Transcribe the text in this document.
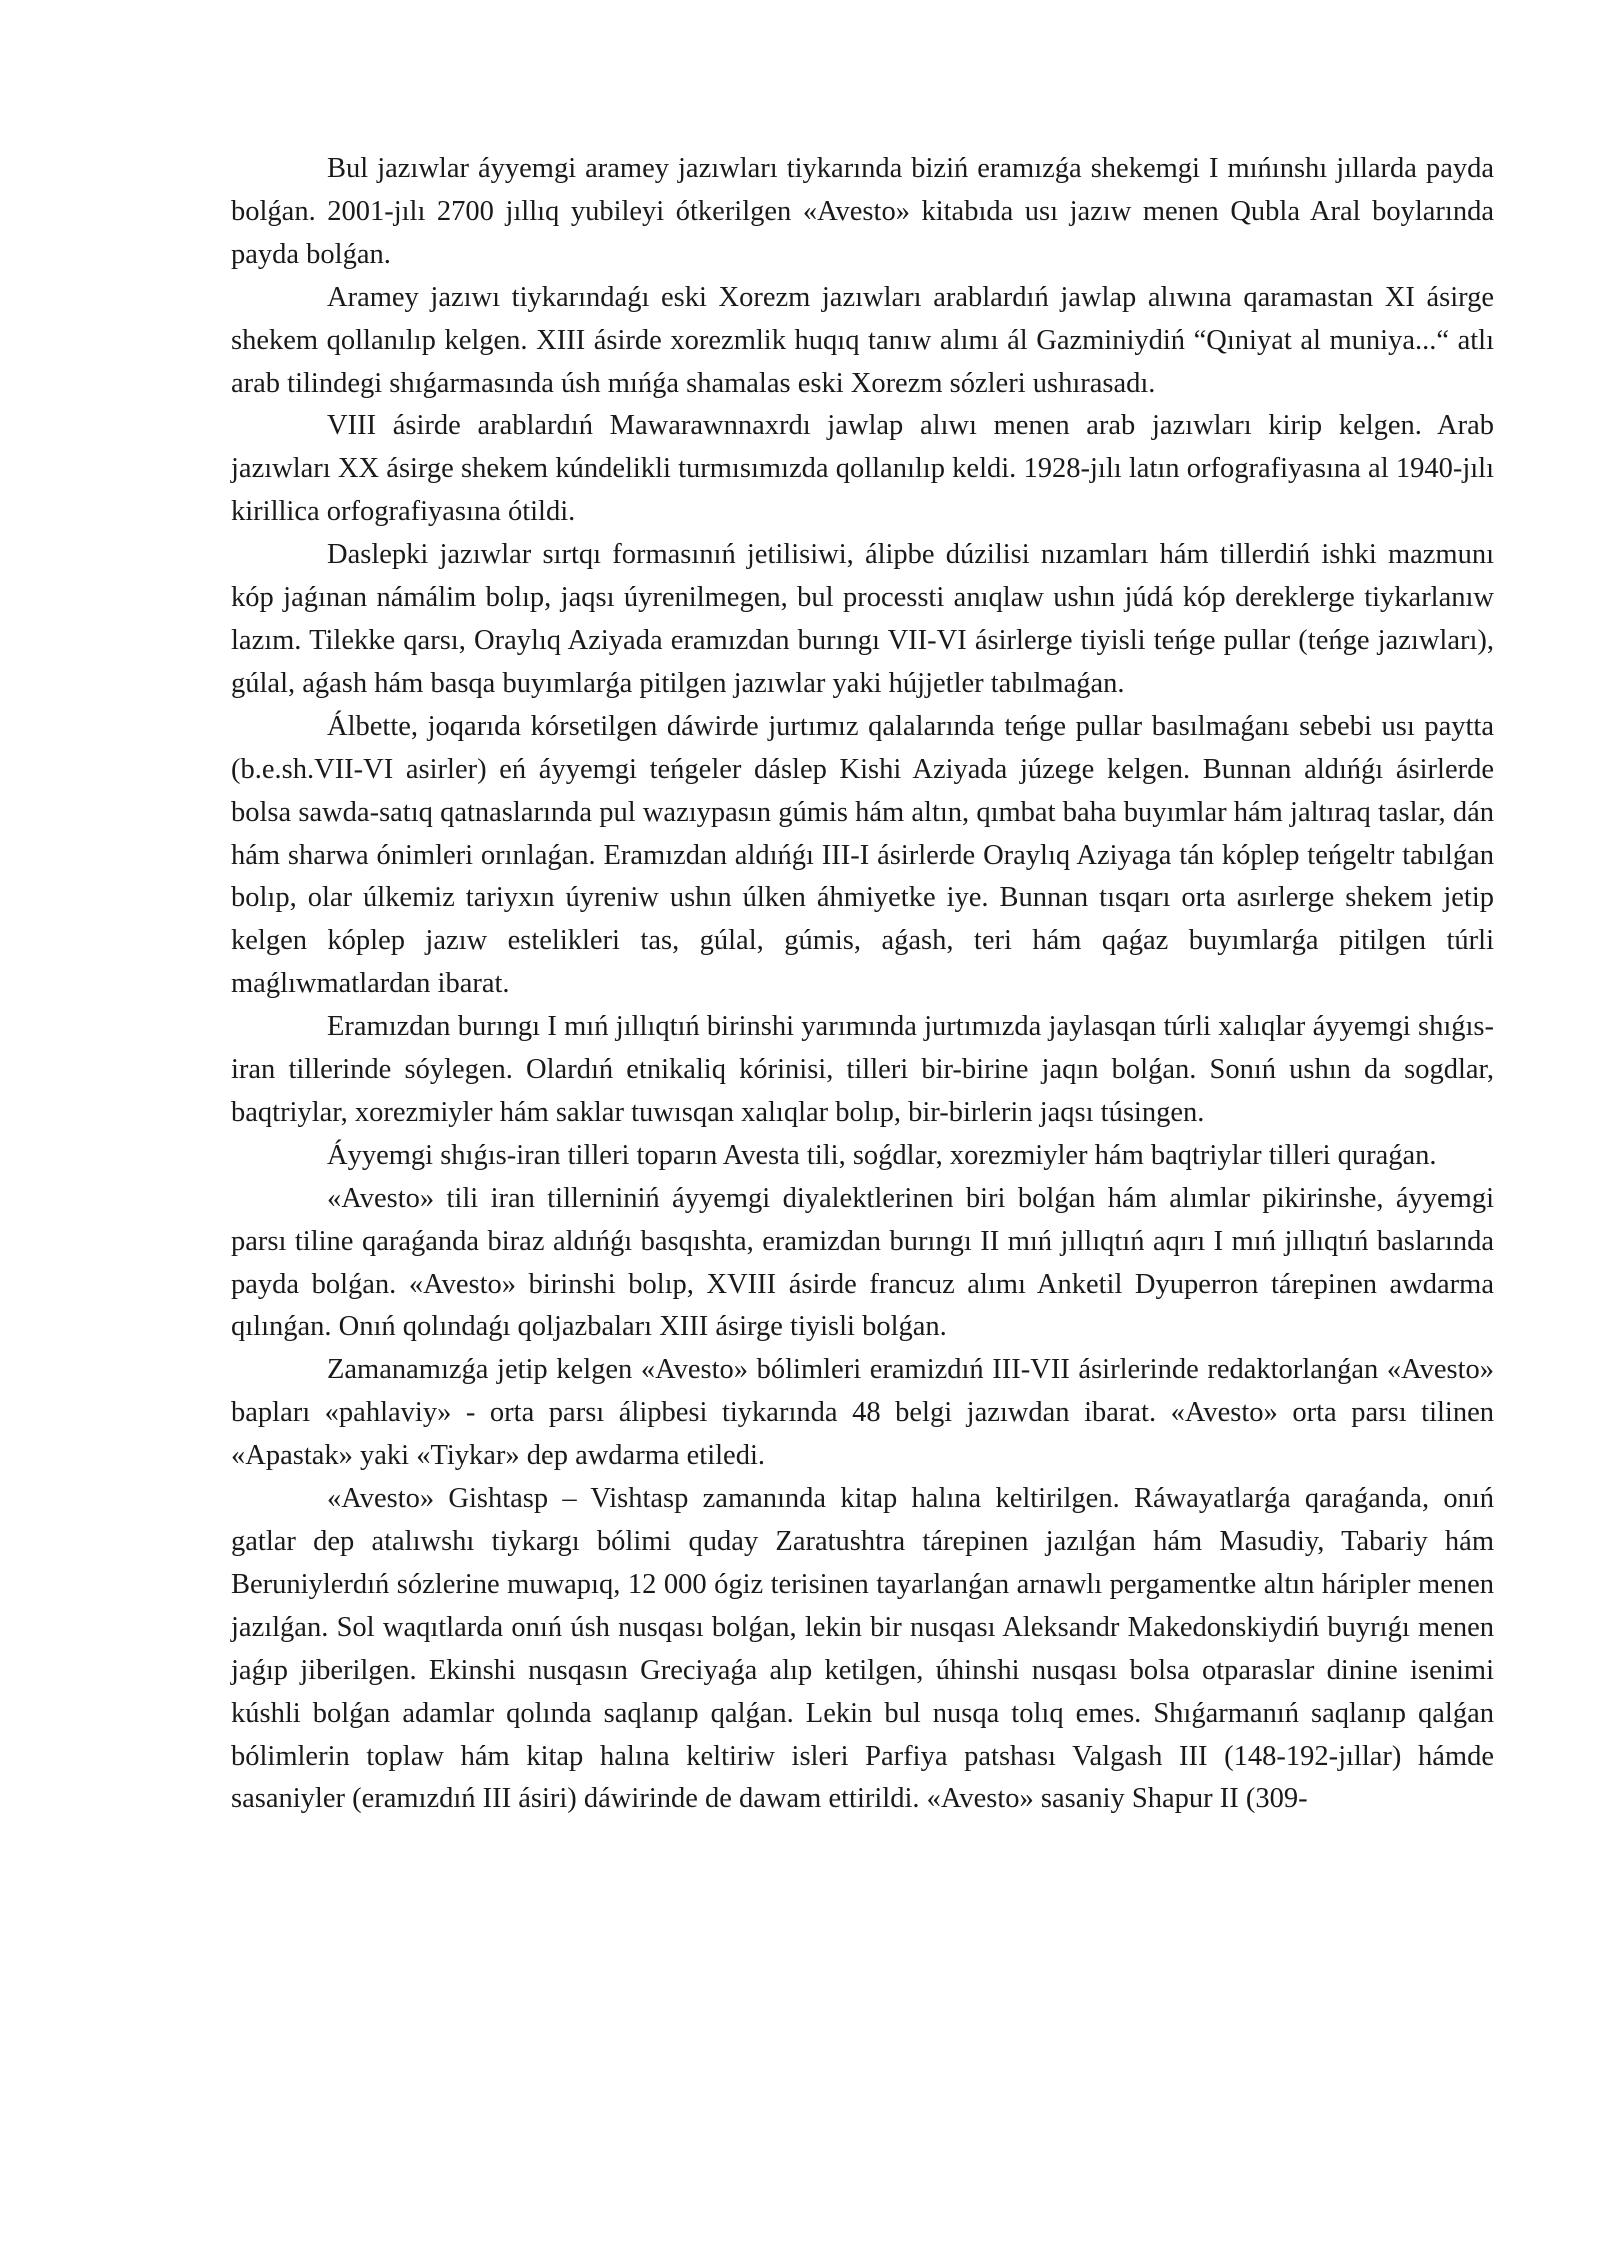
Bul jazıwlar áyyemgi aramey jazıwları tiykarında biziń eramızǵa shekemgi I mıńınshı jıllarda payda bolǵan. 2001-jılı 2700 jıllıq yubileyi ótkerilgen «Avesto» kitabıda usı jazıw menen Qubla Aral boylarında payda bolǵan.

Aramey jazıwı tiykarındaǵı eski Xorezm jazıwları arablardıń jawlap alıwına qaramastan XI ásirge shekem qollanılıp kelgen. XIII ásirde xorezmlik huqıq tanıw alımı ál Gazminiydiń “Qıniyat al muniya...“ atlı arab tilindegi shıǵarmasında úsh mıńǵa shamalas eski Xorezm sózleri ushırasadı.

VIII ásirde arablardıń Mawarawnnaxrdı jawlap alıwı menen arab jazıwları kirip kelgen. Arab jazıwları XX ásirge shekem kúndelikli turmısımızda qollanılıp keldi. 1928-jılı latın orfografiyasına al 1940-jılı kirillica orfografiyasına ótildi.

Daslepki jazıwlar sırtqı formasınıń jetilisiwi, álipbe dúzilisi nızamları hám tillerdiń ishki mazmunı kóp jaǵınan námálim bolıp, jaqsı úyrenilmegen, bul processti anıqlaw ushın júdá kóp dereklerge tiykarlanıw lazım. Tilekke qarsı, Oraylıq Aziyada eramızdan burıngı VII-VI ásirlerge tiyisli teńge pullar (teńge jazıwları), gúlal, aǵash hám basqa buyımlarǵa pitilgen jazıwlar yaki hújjetler tabılmaǵan.

Álbette, joqarıda kórsetilgen dáwirde jurtımız qalalarında teńge pullar basılmaǵanı sebebi usı paytta (b.e.sh.VII-VI asirler) eń áyyemgi teńgeler dáslep Kishi Aziyada júzege kelgen. Bunnan aldıńǵı ásirlerde bolsa sawda-satıq qatnaslarında pul wazıypasın gúmis hám altın, qımbat baha buyımlar hám jaltıraq taslar, dán hám sharwa ónimleri orınlaǵan. Eramızdan aldıńǵı III-I ásirlerde Oraylıq Aziyaga tán kóplep teńgeltr tabılǵan bolıp, olar úlkemiz tariyxın úyreniw ushın úlken áhmiyetke iye. Bunnan tısqarı orta asırlerge shekem jetip kelgen kóplep jazıw estelikleri tas, gúlal, gúmis, aǵash, teri hám qaǵaz buyımlarǵa pitilgen túrli maǵlıwmatlardan ibarat.

Eramızdan burıngı I mıń jıllıqtıń birinshi yarımında jurtımızda jaylasqan túrli xalıqlar áyyemgi shıǵıs-iran tillerinde sóylegen. Olardıń etnikaliq kórinisi, tilleri bir-birine jaqın bolǵan. Sonıń ushın da sogdlar, baqtriylar, xorezmiyler hám saklar tuwısqan xalıqlar bolıp, bir-birlerin jaqsı túsingen.

Áyyemgi shıǵıs-iran tilleri toparın Avesta tili, soǵdlar, xorezmiyler hám baqtriylar tilleri quraǵan.

«Avesto» tili iran tillerniniń áyyemgi diyalektlerinen biri bolǵan hám alımlar pikirinshe, áyyemgi parsı tiline qaraǵanda biraz aldıńǵı basqıshta, eramizdan burıngı II mıń jıllıqtıń aqırı I mıń jıllıqtıń baslarında payda bolǵan. «Avesto» birinshi bolıp, XVIII ásirde francuz alımı Anketil Dyuperron tárepinen awdarma qılınǵan. Onıń qolındaǵı qoljazbaları XIII ásirge tiyisli bolǵan.

Zamanamızǵa jetip kelgen «Avesto» bólimleri eramizdıń III-VII ásirlerinde redaktorlanǵan «Avesto» bapları «pahlaviy» - orta parsı álipbesi tiykarında 48 belgi jazıwdan ibarat. «Avesto» orta parsı tilinen «Apastak» yaki «Tiykar» dep awdarma etiledi.

«Avesto» Gishtasp – Vishtasp zamanında kitap halına keltirilgen. Ráwayatlarǵa qaraǵanda, onıń gatlar dep atalıwshı tiykargı bólimi quday Zaratushtra tárepinen jazılǵan hám Masudiy, Tabariy hám Beruniylerdıń sózlerine muwapıq, 12 000 ógiz terisinen tayarlanǵan arnawlı pergamentke altın háripler menen jazılǵan. Sol waqıtlarda onıń úsh nusqası bolǵan, lekin bir nusqası Aleksandr Makedonskiydiń buyrıǵı menen jaǵıp jiberilgen. Ekinshi nusqasın Greciyaǵa alıp ketilgen, úhinshi nusqası bolsa otparaslar dinine isenimi kúshli bolǵan adamlar qolında saqlanıp qalǵan. Lekin bul nusqa tolıq emes. Shıǵarmanıń saqlanıp qalǵan bólimlerin toplaw hám kitap halına keltiriw isleri Parfiya patshası Valgash III (148-192-jıllar) hámde sasaniyler (eramızdıń III ásiri) dáwirinde de dawam ettirildi. «Avesto» sasaniy Shapur II (309-
